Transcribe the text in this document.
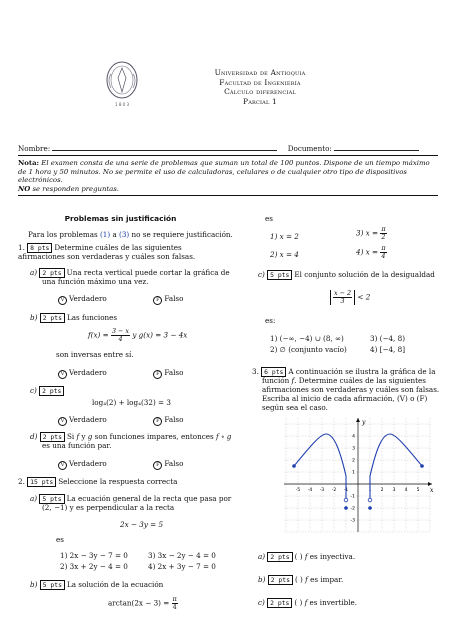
1 8 0 3
Universidad de Antioquia
Facultad de Ingeniería
Cálculo diferencial
Parcial 1
Nombre:	Documento:
Nota: El examen consta de una serie de problemas que suman un total de 100 puntos. Dispone de un tiempo máximo de 1 hora y 50 minutos. No se permite el uso de calculadoras, celulares o de cualquier otro tipo de dispositivos electrónicos.
NO se responden preguntas.
Problemas sin justificación
Para los problemas (1) a (3) no se requiere justificación.
1. 8 pts Determine cuáles de las siguientes afirmaciones son verdaderas y cuáles son falsas.
a) 2 pts Una recta vertical puede cortar la gráfica de una función máximo una vez.
V Verdadero	F Falso
b) 2 pts Las funciones
$f(x) = \frac{3 - x}{4}$ y g(x) = 3 − 4x
son inversas entre sí.
V Verdadero	F Falso
c) 2 pts
log₄(2) + log₄(32) = 3
V Verdadero	F Falso
d) 2 pts Si f y g son funciones impares, entonces f ∘ g es una función par.
V Verdadero	F Falso
2. 15 pts Seleccione la respuesta correcta
a) 5 pts La ecuación general de la recta que pasa por (2, −1) y es perpendicular a la recta
2x − 3y = 5
es
1) 2x − 3y − 7 = 0	3) 3x − 2y − 4 = 0
2) 3x + 2y − 4 = 0	4) 2x + 3y − 7 = 0
b) 5 pts La solución de la ecuación
$\arctan(2x - 3) = \frac{\pi}{4}$
es
1) x = 2	3) $x = \frac{\pi}{2}$
2) x = 4	4) $x = \frac{\pi}{4}$
c) 5 pts El conjunto solución de la desigualdad
$\frac{x - 2}{3} < 2$
es:
1) (−∞, −4) ∪ (8, ∞)	3) (−4, 8)
2) ∅ (conjunto vacío)	4) [−4, 8]
3. 6 pts A continuación se ilustra la gráfica de la función f. Determine cuáles de las siguientes afirmaciones son verdaderas y cuáles son falsas. Escriba al inicio de cada afirmación, (V) o (F) según sea el caso.
x
y
-5 -4 -3 -2 -1	1 2 3 4 5
4
3
2
1
-1
-2
-3
a) 2 pts ( ) f es inyectiva.
b) 2 pts ( ) f es impar.
c) 2 pts ( ) f es invertible.
